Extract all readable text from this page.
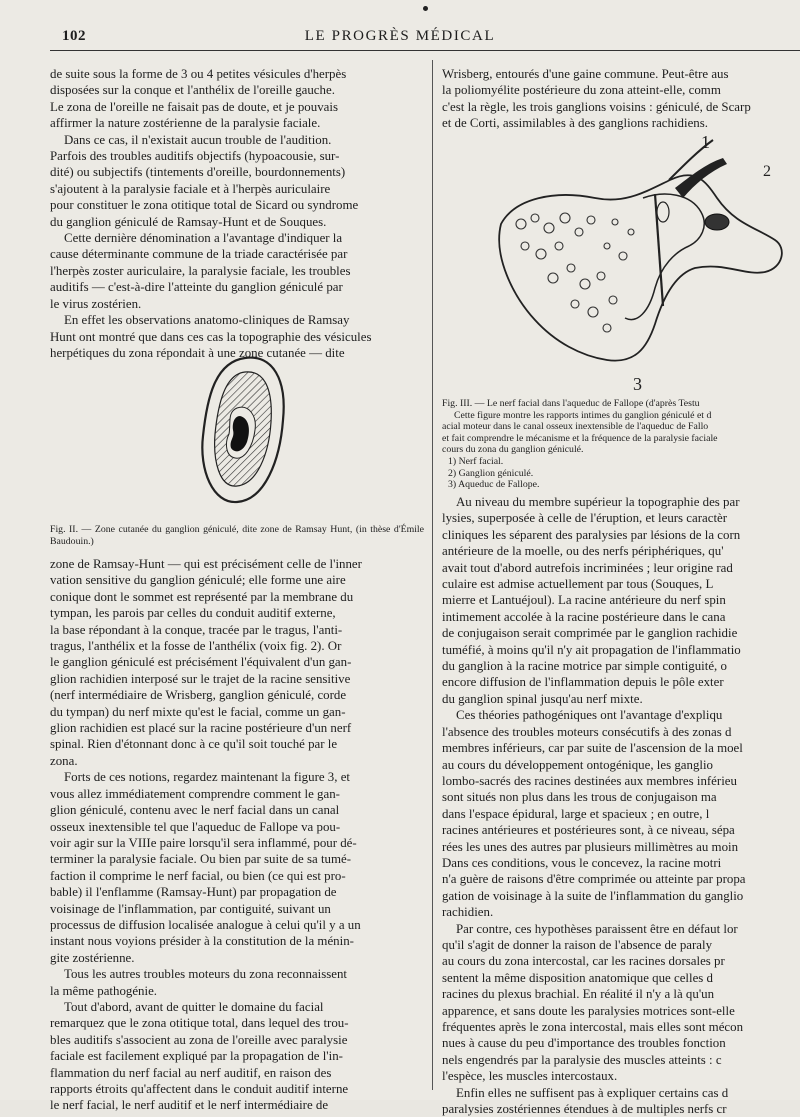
102	LE PROGRÈS MÉDICAL
de suite sous la forme de 3 ou 4 petites vésicules d'herpès
disposées sur la conque et l'anthélix de l'oreille gauche.
Le zona de l'oreille ne faisait pas de doute, et je pouvais
affirmer la nature zostérienne de la paralysie faciale.
Dans ce cas, il n'existait aucun trouble de l'audition.
Parfois des troubles auditifs objectifs (hypoacousie, sur-
dité) ou subjectifs (tintements d'oreille, bourdonnements)
s'ajoutent à la paralysie faciale et à l'herpès auriculaire
pour constituer le zona otitique total de Sicard ou syndrome
du ganglion géniculé de Ramsay-Hunt et de Souques.
Cette dernière dénomination a l'avantage d'indiquer la
cause déterminante commune de la triade caractérisée par
l'herpès zoster auriculaire, la paralysie faciale, les troubles
auditifs — c'est-à-dire l'atteinte du ganglion géniculé par
le virus zostérien.
En effet les observations anatomo-cliniques de Ramsay
Hunt ont montré que dans ces cas la topographie des vésicules
herpétiques du zona répondait à une zone cutanée — dite
Fig. II. — Zone cutanée du ganglion géniculé, dite zone de Ramsay Hunt, (in thèse d'Émile Baudouin.)
zone de Ramsay-Hunt — qui est précisément celle de l'inner
vation sensitive du ganglion géniculé; elle forme une aire
conique dont le sommet est représenté par la membrane du
tympan, les parois par celles du conduit auditif externe,
la base répondant à la conque, tracée par le tragus, l'anti-
tragus, l'anthélix et la fosse de l'anthélix (voix fig. 2). Or
le ganglion géniculé est précisément l'équivalent d'un gan-
glion rachidien interposé sur le trajet de la racine sensitive
(nerf intermédiaire de Wrisberg, ganglion géniculé, corde
du tympan) du nerf mixte qu'est le facial, comme un gan-
glion rachidien est placé sur la racine postérieure d'un nerf
spinal. Rien d'étonnant donc à ce qu'il soit touché par le
zona.
Forts de ces notions, regardez maintenant la figure 3, et
vous allez immédiatement comprendre comment le gan-
glion géniculé, contenu avec le nerf facial dans un canal
osseux inextensible tel que l'aqueduc de Fallope va pou-
voir agir sur la VIIIe paire lorsqu'il sera inflammé, pour dé-
terminer la paralysie faciale. Ou bien par suite de sa tumé-
faction il comprime le nerf facial, ou bien (ce qui est pro-
bable) il l'enflamme (Ramsay-Hunt) par propagation de
voisinage de l'inflammation, par contiguité, suivant un
processus de diffusion localisée analogue à celui qu'il y a un
instant nous voyions présider à la constitution de la ménin-
gite zostérienne.
Tous les autres troubles moteurs du zona reconnaissent
la même pathogénie.
Tout d'abord, avant de quitter le domaine du facial
remarquez que le zona otitique total, dans lequel des trou-
bles auditifs s'associent au zona de l'oreille avec paralysie
faciale est facilement expliqué par la propagation de l'in-
flammation du nerf facial au nerf auditif, en raison des
rapports étroits qu'affectent dans le conduit auditif interne
le nerf facial, le nerf auditif et le nerf intermédiaire de
Wrisberg, entourés d'une gaine commune. Peut-être aus
la poliomyélite postérieure du zona atteint-elle, comm
c'est la règle, les trois ganglions voisins : géniculé, de Scarp
et de Corti, assimilables à des ganglions rachidiens.
1
2
3
Fig. III. — Le nerf facial dans l'aqueduc de Fallope (d'après Testu
Cette figure montre les rapports intimes du ganglion géniculé et d
acial moteur dans le canal osseux inextensible de l'aqueduc de Fallo
et fait comprendre le mécanisme et la fréquence de la paralysie faciale
cours du zona du ganglion géniculé.
1) Nerf facial.
2) Ganglion géniculé.
3) Aqueduc de Fallope.
Au niveau du membre supérieur la topographie des par
lysies, superposée à celle de l'éruption, et leurs caractèr
cliniques les séparent des paralysies par lésions de la corn
antérieure de la moelle, ou des nerfs périphériques, qu'
avait tout d'abord autrefois incriminées ; leur origine rad
culaire est admise actuellement par tous (Souques, L
mierre et Lantuéjoul). La racine antérieure du nerf spin
intimement accolée à la racine postérieure dans le cana
de conjugaison serait comprimée par le ganglion rachidie
tuméfié, à moins qu'il n'y ait propagation de l'inflammatio
du ganglion à la racine motrice par simple contiguité, o
encore diffusion de l'inflammation depuis le pôle exter
du ganglion spinal jusqu'au nerf mixte.
Ces théories pathogéniques ont l'avantage d'expliqu
l'absence des troubles moteurs consécutifs à des zonas d
membres inférieurs, car par suite de l'ascension de la moel
au cours du développement ontogénique, les ganglio
lombo-sacrés des racines destinées aux membres inférieu
sont situés non plus dans les trous de conjugaison ma
dans l'espace épidural, large et spacieux ; en outre, l
racines antérieures et postérieures sont, à ce niveau, sépa
rées les unes des autres par plusieurs millimètres au moin
Dans ces conditions, vous le concevez, la racine motri
n'a guère de raisons d'être comprimée ou atteinte par propa
gation de voisinage à la suite de l'inflammation du ganglio
rachidien.
Par contre, ces hypothèses paraissent être en défaut lor
qu'il s'agit de donner la raison de l'absence de paraly
au cours du zona intercostal, car les racines dorsales pr
sentent la même disposition anatomique que celles d
racines du plexus brachial. En réalité il n'y a là qu'un
apparence, et sans doute les paralysies motrices sont-elle
fréquentes après le zona intercostal, mais elles sont mécon
nues à cause du peu d'importance des troubles fonction
nels engendrés par la paralysie des muscles atteints : c
l'espèce, les muscles intercostaux.
Enfin elles ne suffisent pas à expliquer certains cas d
paralysies zostériennes étendues à de multiples nerfs cr
